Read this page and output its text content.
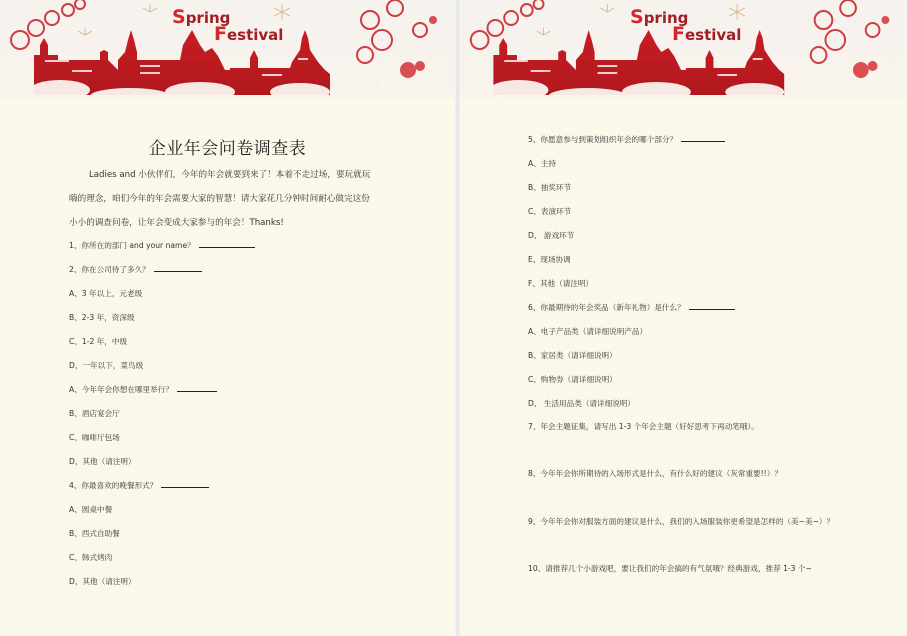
Spring
Festival
企业年会问卷调查表
Ladies and 小伙伴们，今年的年会就要到来了！本着不走过场，要玩就玩
嗨的理念，咱们今年的年会需要大家的智慧！请大家花几分钟时间耐心做完这份
小小的调查问卷，让年会变成大家参与的年会！Thanks!
1、你所在的部门 and your name？
2、你在公司待了多久？
A、3 年以上，元老级
B、2-3 年，资深级
C、1-2 年，中级
D、一年以下，菜鸟级
A、今年年会你想在哪里举行？
B、酒店宴会厅
C、咖啡厅包场
D、其他（请注明）
4、你最喜欢的晚餐形式？
A、圆桌中餐
B、西式自助餐
C、韩式烤肉
D、其他（请注明）
Spring
Festival
5、你愿意参与到策划组织年会的哪个部分？
A、主持
B、抽奖环节
C、表演环节
D、 游戏环节
E、现场协调
F、其他（请注明）
6、你最期待的年会奖品（新年礼物）是什么？
A、电子产品类（请详细说明产品）
B、家居类（请详细说明）
C、购物券（请详细说明）
D、 生活用品类（请详细说明）
7、年会主题征集，请写出 1-3 个年会主题（好好思考下再动笔哦）。
8、今年年会你所期待的入场形式是什么，有什么好的建议（灰常重要!!）？
9、今年年会你对服装方面的建议是什么，我们的入场服装你更希望是怎样的（美~美~）？
10、请推荐几个小游戏吧，要让我们的年会搞的有气氛哦？经典游戏，推荐 1-3 个~
